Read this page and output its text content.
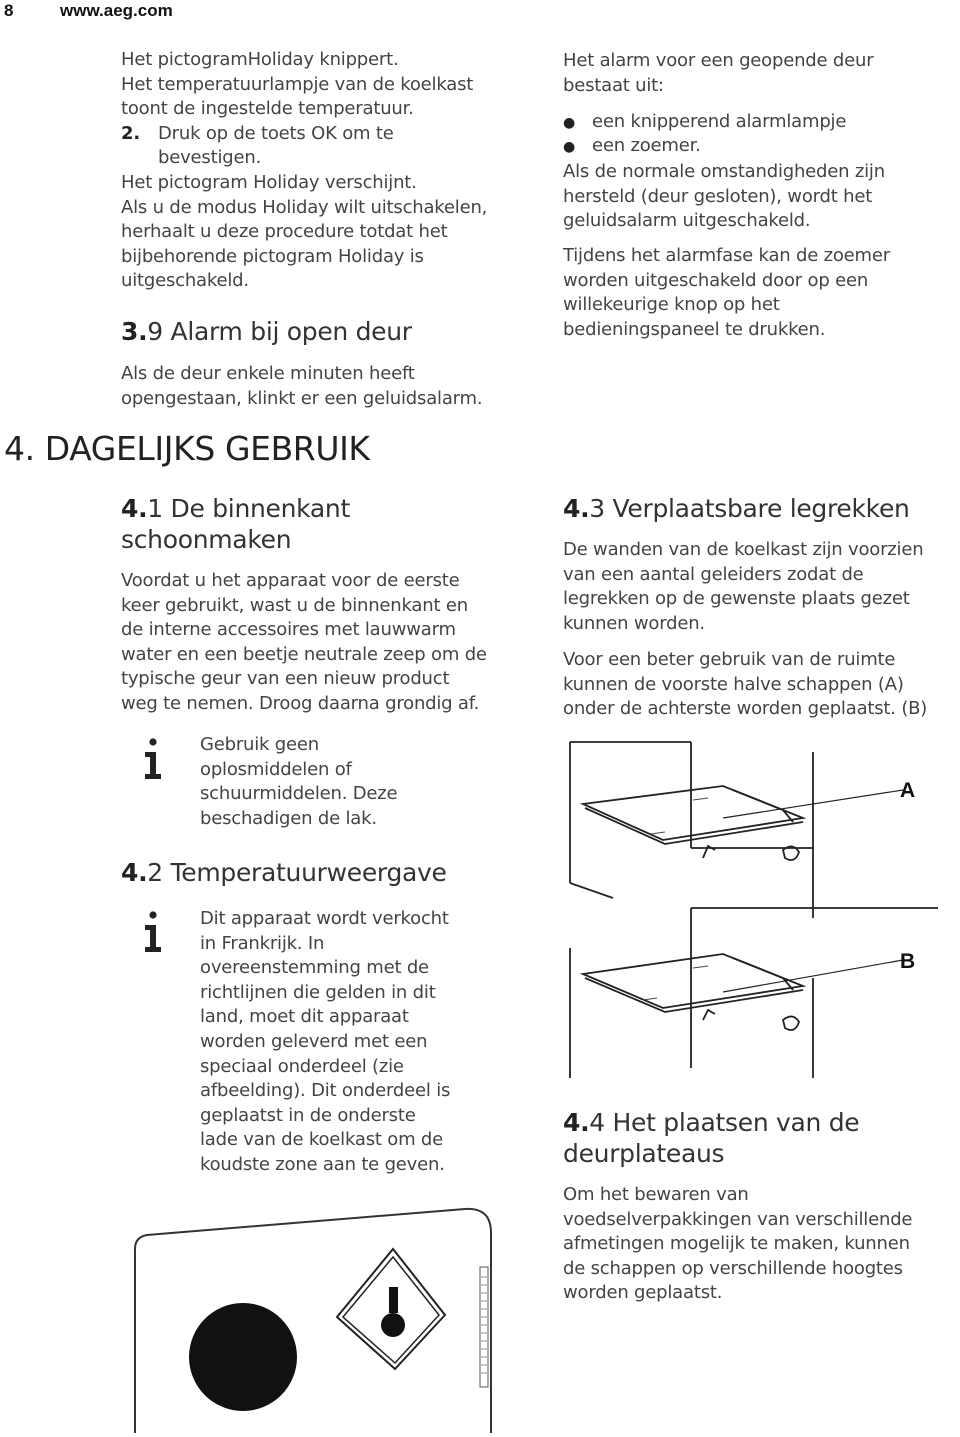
8	www.aeg.com

Het pictogramHoliday knippert.

Het temperatuurlampje van de koelkast

toont de ingestelde temperatuur.

2.	Druk op de toets OK om te
bevestigen.

Het pictogram Holiday verschijnt.

Als u de modus Holiday wilt uitschakelen,

herhaalt u deze procedure totdat het

bijbehorende pictogram Holiday is

uitgeschakeld.

3.9 Alarm bij open deur

Als de deur enkele minuten heeft

opengestaan, klinkt er een geluidsalarm.

4. DAGELIJKS GEBRUIK
4.1 De binnenkant
schoonmaken

Voordat u het apparaat voor de eerste

keer gebruikt, wast u de binnenkant en

de interne accessoires met lauwwarm

water en een beetje neutrale zeep om de

typische geur van een nieuw product

weg te nemen. Droog daarna grondig af.

Gebruik geen

oplosmiddelen of

schuurmiddelen. Deze

beschadigen de lak.

4.2 Temperatuurweergave

Dit apparaat wordt verkocht

in Frankrijk. In

overeenstemming met de

richtlijnen die gelden in dit

land, moet dit apparaat

worden geleverd met een

speciaal onderdeel (zie

afbeelding). Dit onderdeel is

geplaatst in de onderste

lade van de koelkast om de

koudste zone aan te geven.

Het alarm voor een geopende deur

bestaat uit:

● een knipperend alarmlampje
● een zoemer.

Als de normale omstandigheden zijn

hersteld (deur gesloten), wordt het

geluidsalarm uitgeschakeld.

Tijdens het alarmfase kan de zoemer

worden uitgeschakeld door op een

willekeurige knop op het

bedieningspaneel te drukken.

4.3 Verplaatsbare legrekken

De wanden van de koelkast zijn voorzien

van een aantal geleiders zodat de

legrekken op de gewenste plaats gezet

kunnen worden.

Voor een beter gebruik van de ruimte

kunnen de voorste halve schappen (A)

onder de achterste worden geplaatst. (B)

A
B
4.4 Het plaatsen van de
deurplateaus

Om het bewaren van

voedselverpakkingen van verschillende

afmetingen mogelijk te maken, kunnen

de schappen op verschillende hoogtes

worden geplaatst.
